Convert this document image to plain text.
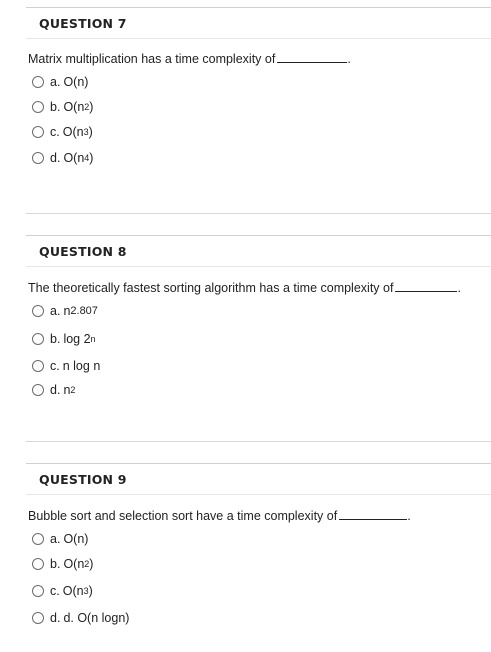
QUESTION 7
Matrix multiplication has a time complexity of	.
a. O(n)
b. O(n 2 )
c. O(n 3 )
d. O(n 4 )
QUESTION 8
The theoretically fastest sorting algorithm has a time complexity of	.
a. n 2.807
b. log 2 n
c. n log n
d. n 2
QUESTION 9
Bubble sort and selection sort have a time complexity of	.
a. O(n)
b. O(n 2 )
c. O(n 3 )
d. d. O(n logn)
